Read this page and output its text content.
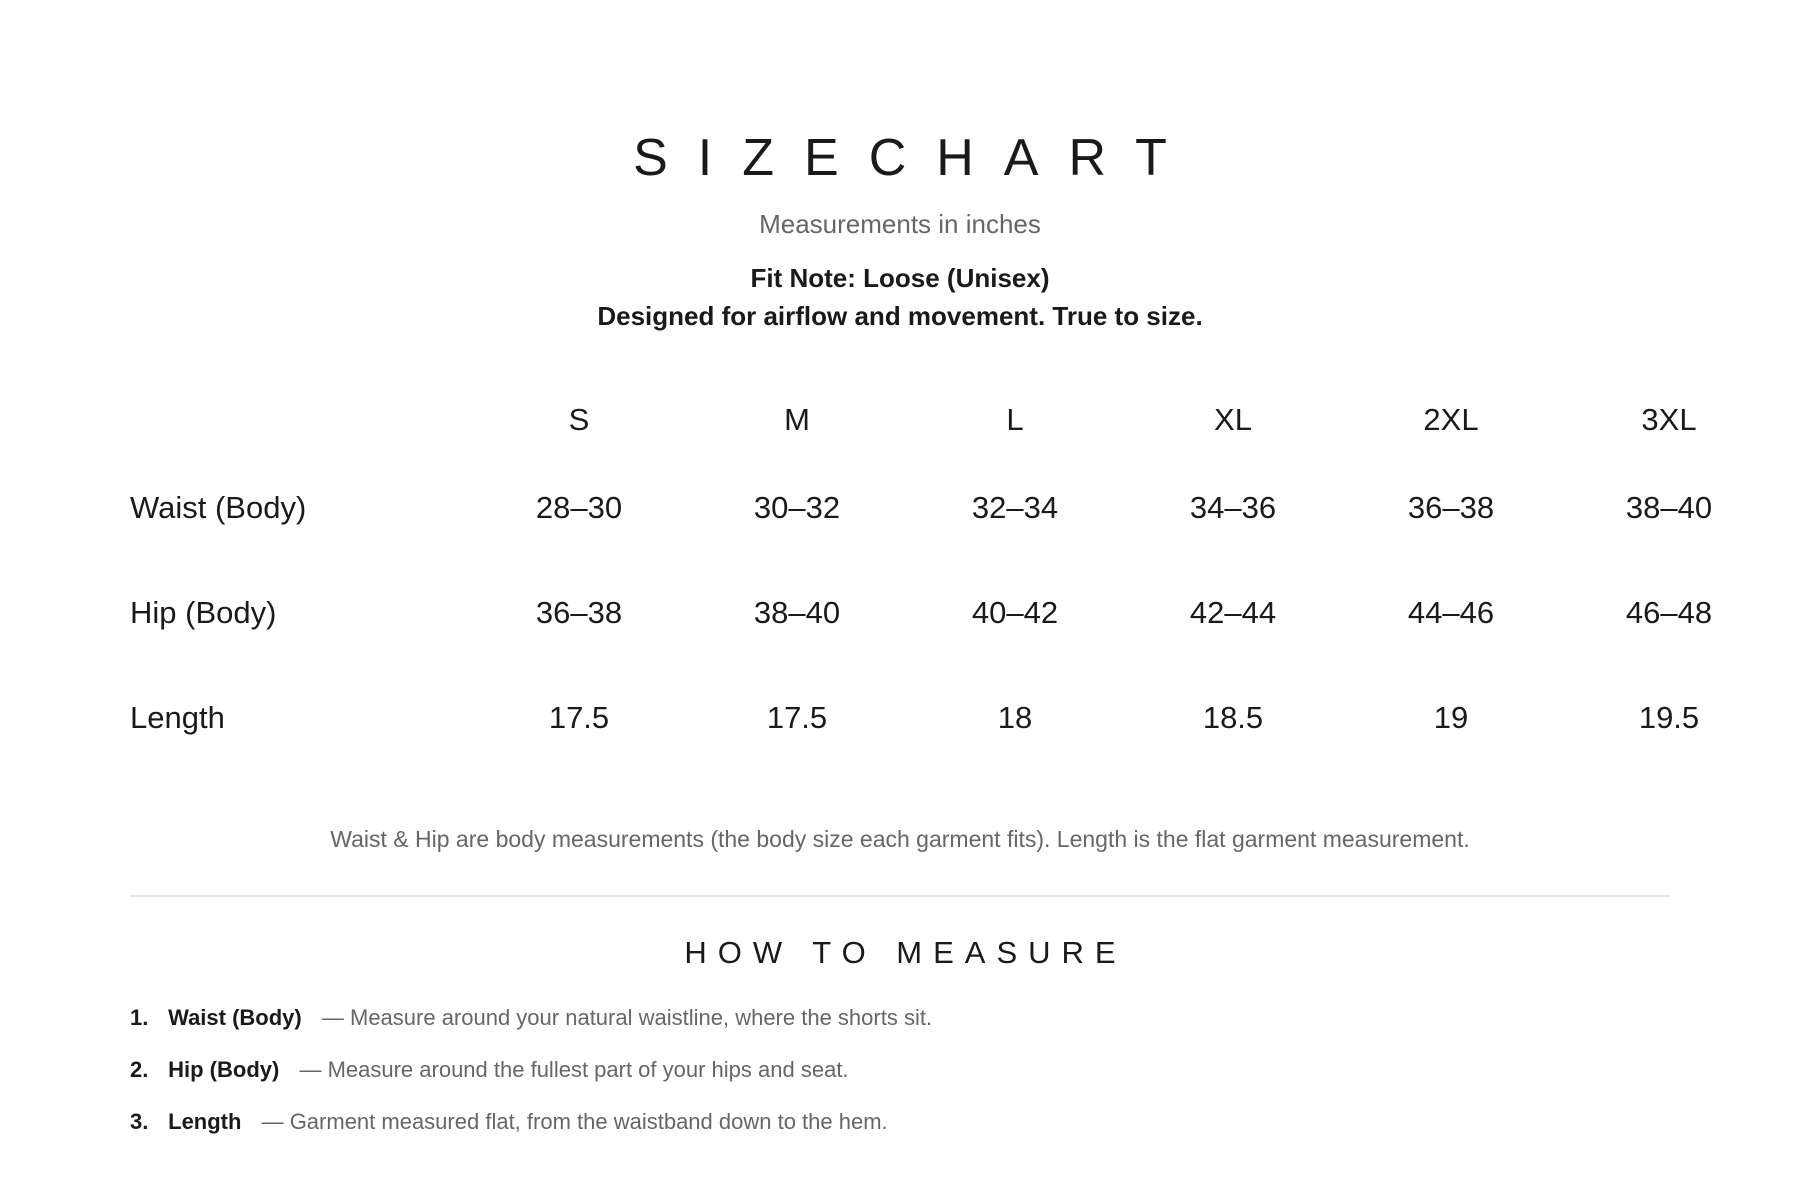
SIZECHART
Measurements in inches
Fit Note: Loose (Unisex)
Designed for airflow and movement. True to size.
	S	M	L	XL	2XL	3XL
Waist (Body)	28–30	30–32	32–34	34–36	36–38	38–40
Hip (Body)	36–38	38–40	40–42	42–44	44–46	46–48
Length	17.5	17.5	18	18.5	19	19.5
Waist & Hip are body measurements (the body size each garment fits). Length is the flat garment measurement.
HOW TO MEASURE
1. Waist (Body) — Measure around your natural waistline, where the shorts sit.
2. Hip (Body) — Measure around the fullest part of your hips and seat.
3. Length — Garment measured flat, from the waistband down to the hem.
